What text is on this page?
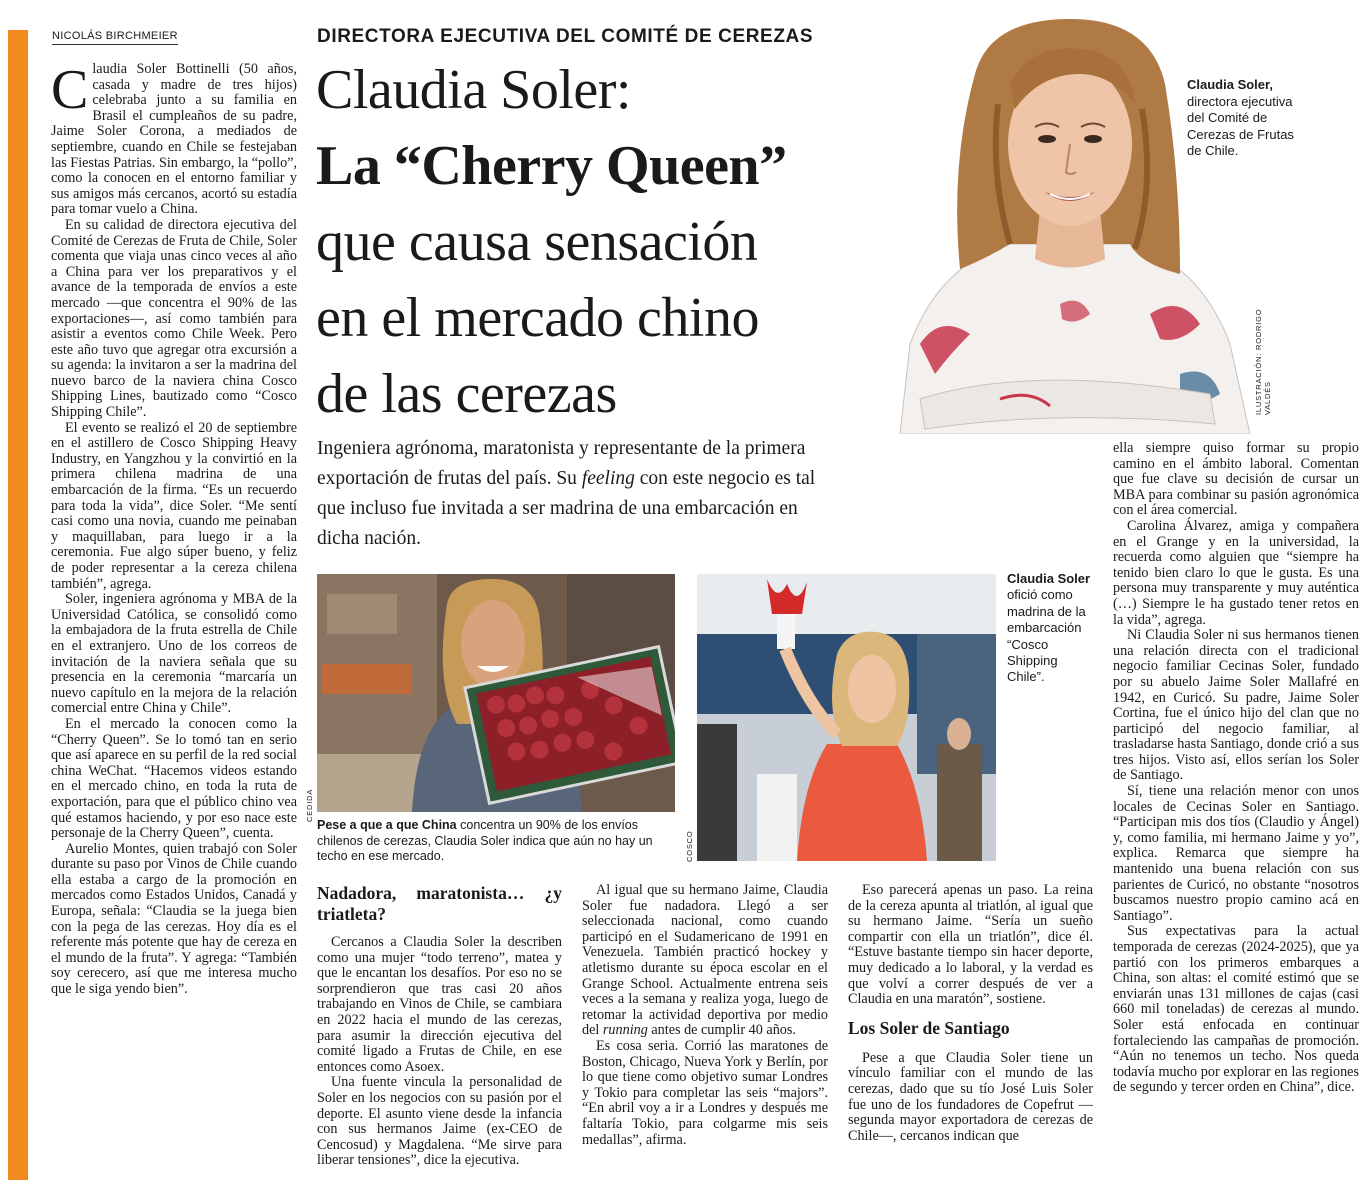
NICOLÁS BIRCHMEIER	DIRECTORA EJECUTIVA DEL COMITÉ DE CEREZAS
Claudia Soler:
La “Cherry Queen”
que causa sensación
en el mercado chino
de las cerezas
Claudia Soler,
directora ejecutiva del Comité de Cerezas de Frutas de Chile.
ILUSTRACIÓN: RODRIGO VALDÉS
Ingeniera agrónoma, maratonista y representante de la primera exportación de frutas del país. Su feeling con este negocio es tal que incluso fue invitada a ser madrina de una embarcación en dicha nación.
CEDIDA
Pese a que a que China concentra un 90% de los envíos chilenos de cerezas, Claudia Soler indica que aún no hay un techo en ese mercado.	COSCO
Claudia Soler ofició como madrina de la embarcación “Cosco Shipping Chile”.

Claudia Soler Bottinelli (50 años, casada y madre de tres hijos) celebraba junto a su familia en Brasil el cumpleaños de su padre, Jaime Soler Corona, a mediados de septiembre, cuando en Chile se festejaban las Fiestas Patrias. Sin embargo, la “pollo”, como la conocen en el entorno familiar y sus amigos más cercanos, acortó su estadía para tomar vuelo a China.

En su calidad de directora ejecutiva del Comité de Cerezas de Fruta de Chile, Soler comenta que viaja unas cinco veces al año a China para ver los preparativos y el avance de la temporada de envíos a este mercado —que concentra el 90% de las exportaciones—, así como también para asistir a eventos como Chile Week. Pero este año tuvo que agregar otra excursión a su agenda: la invitaron a ser la madrina del nuevo barco de la naviera china Cosco Shipping Lines, bautizado como “Cosco Shipping Chile”.

El evento se realizó el 20 de septiembre en el astillero de Cosco Shipping Heavy Industry, en Yangzhou y la convirtió en la primera chilena madrina de una embarcación de la firma. “Es un recuerdo para toda la vida”, dice Soler. “Me sentí casi como una novia, cuando me peinaban y maquillaban, para luego ir a la ceremonia. Fue algo súper bueno, y feliz de poder representar a la cereza chilena también”, agrega.

Soler, ingeniera agrónoma y MBA de la Universidad Católica, se consolidó como la embajadora de la fruta estrella de Chile en el extranjero. Uno de los correos de invitación de la naviera señala que su presencia en la ceremonia “marcaría un nuevo capítulo en la mejora de la relación comercial entre China y Chile”.

En el mercado la conocen como la “Cherry Queen”. Se lo tomó tan en serio que así aparece en su perfil de la red social china WeChat. “Hacemos videos estando en el mercado chino, en toda la ruta de exportación, para que el público chino vea qué estamos haciendo, y por eso nace este personaje de la Cherry Queen”, cuenta.

Aurelio Montes, quien trabajó con Soler durante su paso por Vinos de Chile cuando ella estaba a cargo de la promoción en mercados como Estados Unidos, Canadá y Europa, señala: “Claudia se la juega bien con la pega de las cerezas. Hoy día es el referente más potente que hay de cereza en el mundo de la fruta”. Y agrega: “También soy cerecero, así que me interesa mucho que le siga yendo bien”.

Nadadora, maratonista… ¿y triatleta?

Cercanos a Claudia Soler la describen como una mujer “todo terreno”, matea y que le encantan los desafíos. Por eso no se sorprendieron que tras casi 20 años trabajando en Vinos de Chile, se cambiara en 2022 hacia el mundo de las cerezas, para asumir la dirección ejecutiva del comité ligado a Frutas de Chile, en ese entonces como Asoex.

Una fuente vincula la personalidad de Soler en los negocios con su pasión por el deporte. El asunto viene desde la infancia con sus hermanos Jaime (ex-CEO de Cencosud) y Magdalena. “Me sirve para liberar tensiones”, dice la ejecutiva.

Al igual que su hermano Jaime, Claudia Soler fue nadadora. Llegó a ser seleccionada nacional, como cuando participó en el Sudamericano de 1991 en Venezuela. También practicó hockey y atletismo durante su época escolar en el Grange School. Actualmente entrena seis veces a la semana y realiza yoga, luego de retomar la actividad deportiva por medio del running antes de cumplir 40 años.

Es cosa seria. Corrió las maratones de Boston, Chicago, Nueva York y Berlín, por lo que tiene como objetivo sumar Londres y Tokio para completar las seis “majors”. “En abril voy a ir a Londres y después me faltaría Tokio, para colgarme mis seis medallas”, afirma.

Eso parecerá apenas un paso. La reina de la cereza apunta al triatlón, al igual que su hermano Jaime. “Sería un sueño compartir con ella un triatlón”, dice él. “Estuve bastante tiempo sin hacer deporte, muy dedicado a lo laboral, y la verdad es que volví a correr después de ver a Claudia en una maratón”, sostiene.

Los Soler de Santiago

Pese a que Claudia Soler tiene un vínculo familiar con el mundo de las cerezas, dado que su tío José Luis Soler fue uno de los fundadores de Copefrut —segunda mayor exportadora de cerezas de Chile—, cercanos indican que

ella siempre quiso formar su propio camino en el ámbito laboral. Comentan que fue clave su decisión de cursar un MBA para combinar su pasión agronómica con el área comercial.

Carolina Álvarez, amiga y compañera en el Grange y en la universidad, la recuerda como alguien que “siempre ha tenido bien claro lo que le gusta. Es una persona muy transparente y muy auténtica (…) Siempre le ha gustado tener retos en la vida”, agrega.

Ni Claudia Soler ni sus hermanos tienen una relación directa con el tradicional negocio familiar Cecinas Soler, fundado por su abuelo Jaime Soler Mallafré en 1942, en Curicó. Su padre, Jaime Soler Cortina, fue el único hijo del clan que no participó del negocio familiar, al trasladarse hasta Santiago, donde crió a sus tres hijos. Visto así, ellos serían los Soler de Santiago.

Sí, tiene una relación menor con unos locales de Cecinas Soler en Santiago. “Participan mis dos tíos (Claudio y Ángel) y, como familia, mi hermano Jaime y yo”, explica. Remarca que siempre ha mantenido una buena relación con sus parientes de Curicó, no obstante “nosotros buscamos nuestro propio camino acá en Santiago”.

Sus expectativas para la actual temporada de cerezas (2024-2025), que ya partió con los primeros embarques a China, son altas: el comité estimó que se enviarán unas 131 millones de cajas (casi 660 mil toneladas) de cerezas al mundo. Soler está enfocada en continuar fortaleciendo las campañas de promoción. “Aún no tenemos un techo. Nos queda todavía mucho por explorar en las regiones de segundo y tercer orden en China”, dice.
